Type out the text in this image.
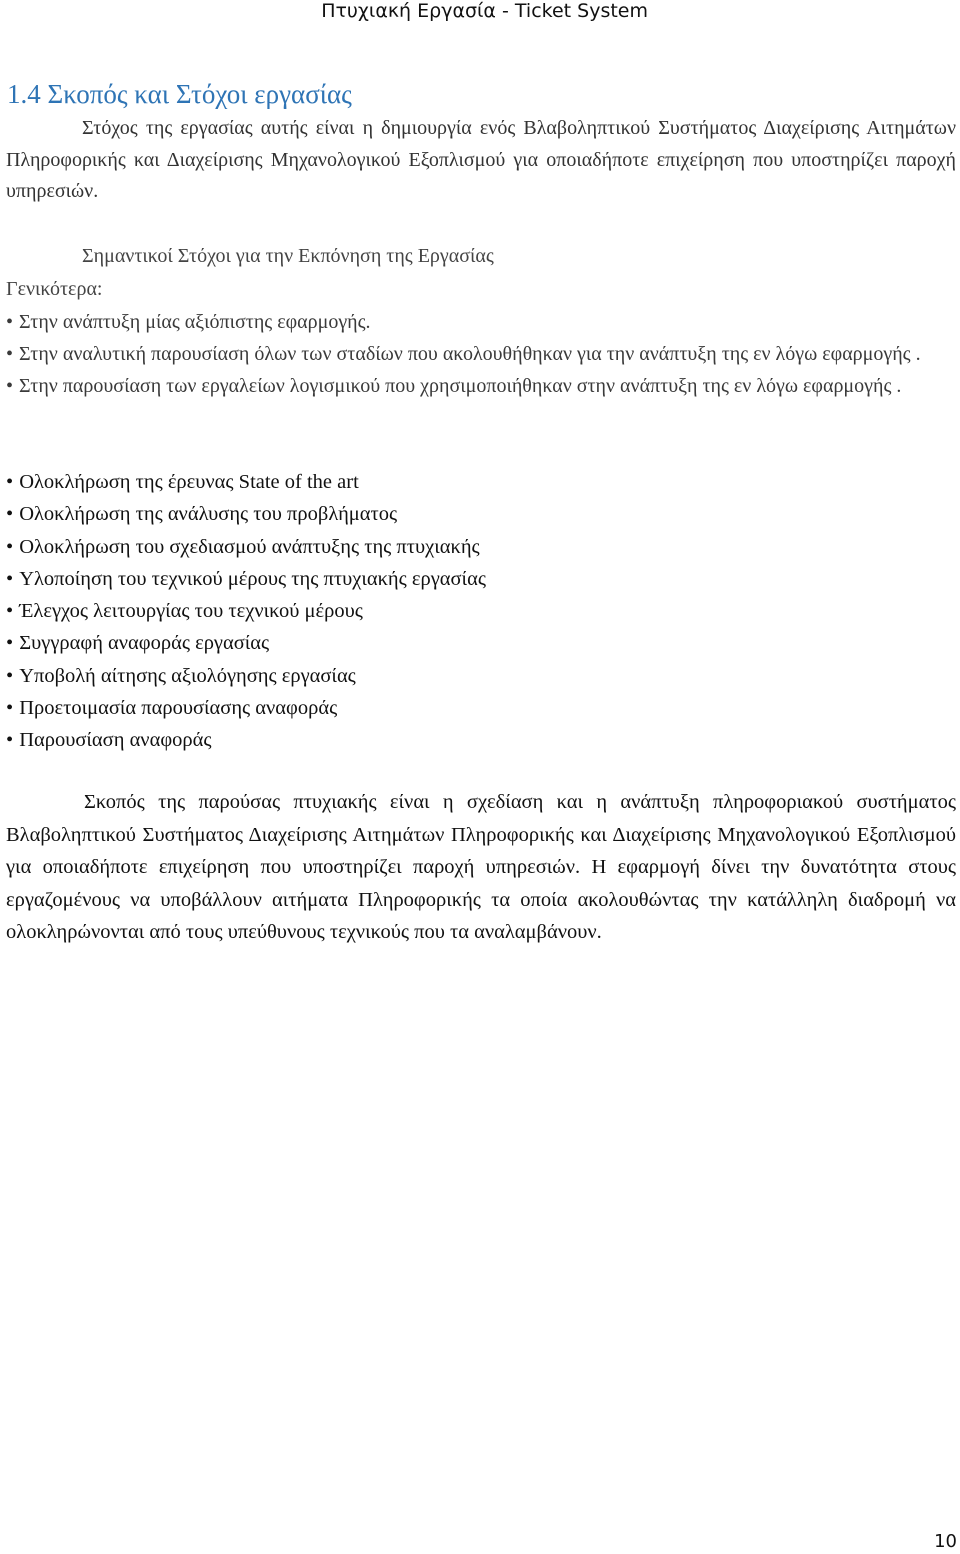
Πτυχιακή Εργασία - Ticket System
1.4 Σκοπός και Στόχοι εργασίας

Στόχος της εργασίας αυτής είναι η δημιουργία ενός Βλαβοληπτικού Συστήματος Διαχείρισης Αιτημάτων Πληροφορικής και Διαχείρισης Μηχανολογικού Εξοπλισμού για οποιαδήποτε επιχείρηση που υποστηρίζει παροχή υπηρεσιών.

Σημαντικοί Στόχοι για την Εκπόνηση της Εργασίας
Γενικότερα:
• Στην ανάπτυξη μίας αξιόπιστης εφαρμογής.
• Στην αναλυτική παρουσίαση όλων των σταδίων που ακολουθήθηκαν για την ανάπτυξη της εν λόγω εφαρμογής .
• Στην παρουσίαση των εργαλείων λογισμικού που χρησιμοποιήθηκαν στην ανάπτυξη της εν λόγω εφαρμογής .
• Ολοκλήρωση της έρευνας State of the art
• Ολοκλήρωση της ανάλυσης του προβλήματος
• Ολοκλήρωση του σχεδιασμού ανάπτυξης της πτυχιακής
• Υλοποίηση του τεχνικού μέρους της πτυχιακής εργασίας
• Έλεγχος λειτουργίας του τεχνικού μέρους
• Συγγραφή αναφοράς εργασίας
• Υποβολή αίτησης αξιολόγησης εργασίας
• Προετοιμασία παρουσίασης αναφοράς
• Παρουσίαση αναφοράς

Σκοπός της παρούσας πτυχιακής είναι η σχεδίαση και η ανάπτυξη πληροφοριακού συστήματος Βλαβοληπτικού Συστήματος Διαχείρισης Αιτημάτων Πληροφορικής και Διαχείρισης Μηχανολογικού Εξοπλισμού για οποιαδήποτε επιχείρηση που υποστηρίζει παροχή υπηρεσιών. Η εφαρμογή δίνει την δυνατότητα στους εργαζομένους να υποβάλλουν αιτήματα Πληροφορικής τα οποία ακολουθώντας την κατάλληλη διαδρομή να ολοκληρώνονται από τους υπεύθυνους τεχνικούς που τα αναλαμβάνουν.

10
